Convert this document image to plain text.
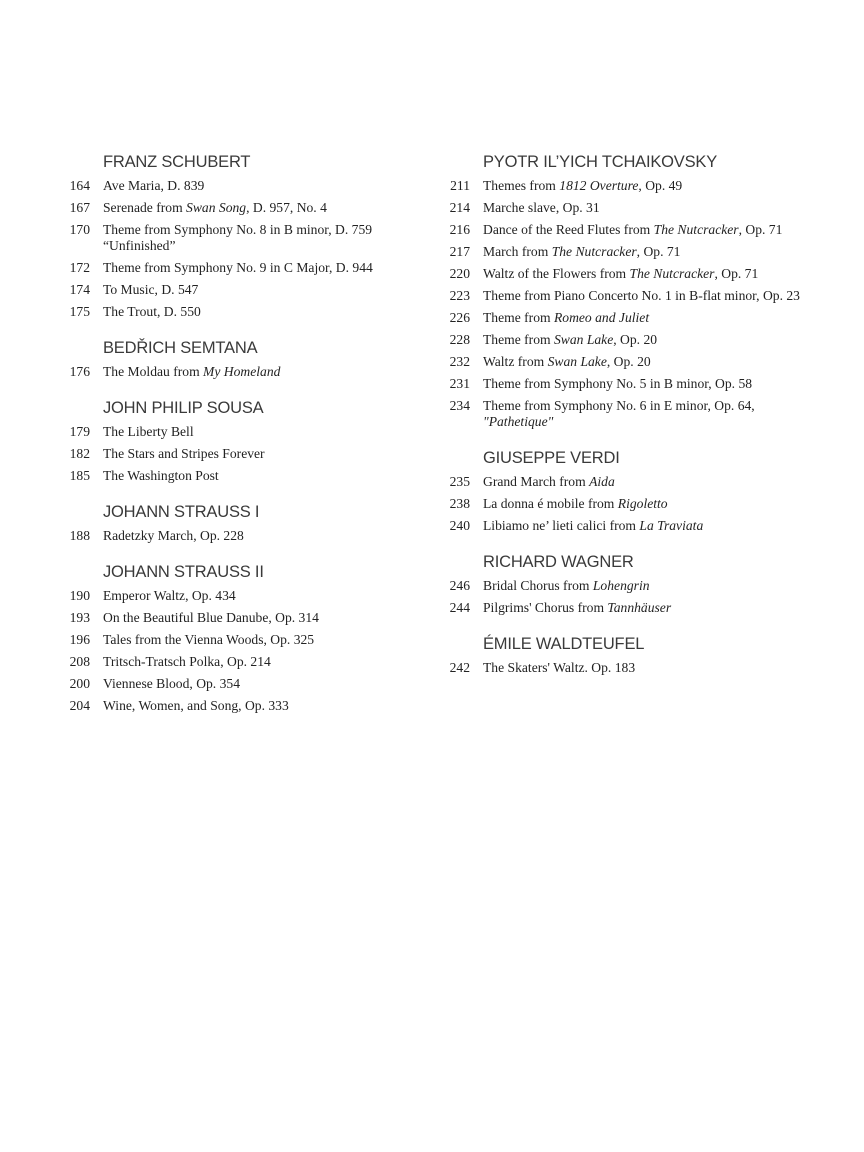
FRANZ SCHUBERT
164 Ave Maria, D. 839
167 Serenade from Swan Song, D. 957, No. 4
170 Theme from Symphony No. 8 in B minor, D. 759
“Unfinished”
172 Theme from Symphony No. 9 in C Major, D. 944
174 To Music, D. 547
175 The Trout, D. 550
BEDŘICH SEMTANA
176 The Moldau from My Homeland
JOHN PHILIP SOUSA
179 The Liberty Bell
182 The Stars and Stripes Forever
185 The Washington Post
JOHANN STRAUSS I
188 Radetzky March, Op. 228
JOHANN STRAUSS II
190 Emperor Waltz, Op. 434
193 On the Beautiful Blue Danube, Op. 314
196 Tales from the Vienna Woods, Op. 325
208 Tritsch-Tratsch Polka, Op. 214
200 Viennese Blood, Op. 354
204 Wine, Women, and Song, Op. 333
PYOTR IL’YICH TCHAIKOVSKY
211 Themes from 1812 Overture, Op. 49
214 Marche slave, Op. 31
216 Dance of the Reed Flutes from The Nutcracker, Op. 71
217 March from The Nutcracker, Op. 71
220 Waltz of the Flowers from The Nutcracker, Op. 71
223 Theme from Piano Concerto No. 1 in B-flat minor, Op. 23
226 Theme from Romeo and Juliet
228 Theme from Swan Lake, Op. 20
232 Waltz from Swan Lake, Op. 20
231 Theme from Symphony No. 5 in B minor, Op. 58
234 Theme from Symphony No. 6 in E minor, Op. 64,
"Pathetique"
GIUSEPPE VERDI
235 Grand March from Aida
238 La donna é mobile from Rigoletto
240 Libiamo ne’ lieti calici from La Traviata
RICHARD WAGNER
246 Bridal Chorus from Lohengrin
244 Pilgrims' Chorus from Tannhäuser
ÉMILE WALDTEUFEL
242 The Skaters' Waltz. Op. 183
